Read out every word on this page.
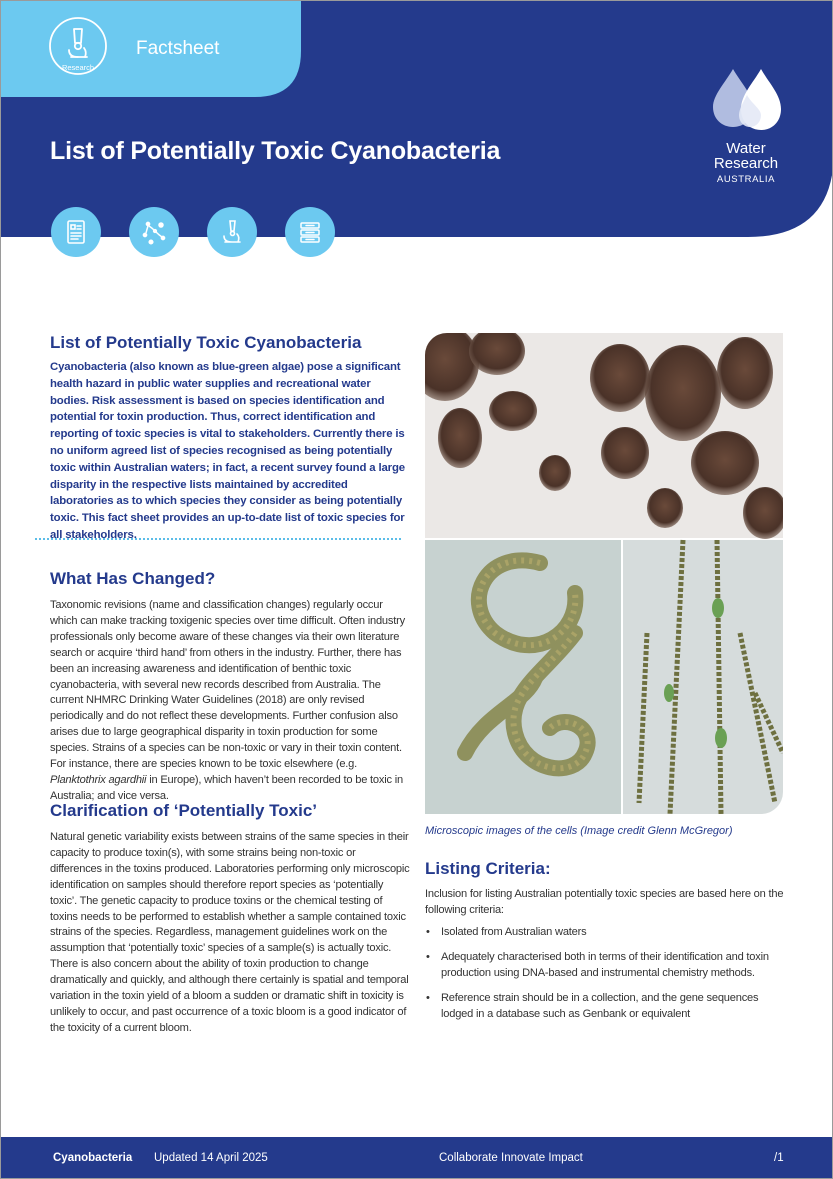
Research
Factsheet
List of Potentially Toxic Cyanobacteria	Water
Research
AUSTRALIA
List of Potentially Toxic Cyanobacteria

Cyanobacteria (also known as blue-green algae) pose a significant health hazard in public water supplies and recreational water bodies. Risk assessment is based on species identification and potential for toxin production. Thus, correct identification and reporting of toxic species is vital to stakeholders. Currently there is no uniform agreed list of species recognised as being potentially toxic within Australian waters; in fact, a recent survey found a large disparity in the respective lists maintained by accredited laboratories as to which species they consider as being potentially toxic. This fact sheet provides an up-to-date list of toxic species for all stakeholders.

What Has Changed?

Taxonomic revisions (name and classification changes) regularly occur which can make tracking toxigenic species over time difficult. Often industry professionals only become aware of these changes via their own literature search or acquire ‘third hand’ from others in the industry. Further, there has been an increasing awareness and identification of benthic toxic cyanobacteria, with several new records described from Australia. The current NHMRC Drinking Water Guidelines (2018) are only revised periodically and do not reflect these developments. Further confusion also arises due to large geographical disparity in toxin production for some species. Strains of a species can be non-toxic or vary in their toxin content. For instance, there are species known to be toxic elsewhere (e.g. Planktothrix agardhii in Europe), which haven’t been recorded to be toxic in Australia; and vice versa.

Clarification of ‘Potentially Toxic’

Natural genetic variability exists between strains of the same species in their capacity to produce toxin(s), with some strains being non-toxic or differences in the toxins produced. Laboratories performing only microscopic identification on samples should therefore report species as ‘potentially toxic’. The genetic capacity to produce toxins or the chemical testing of toxins needs to be performed to establish whether a sample contained toxic strains of the species. Regardless, management guidelines work on the assumption that ‘potentially toxic’ species of a sample(s) is actually toxic. There is also concern about the ability of toxin production to change dramatically and quickly, and although there certainly is spatial and temporal variation in the toxin yield of a bloom a sudden or dramatic shift in toxicity is unlikely to occur, and past occurrence of a toxic bloom is a good indicator of the toxicity of a current bloom.

Microscopic images of the cells (Image credit Glenn McGregor)
Listing Criteria:

Inclusion for listing Australian potentially toxic species are based here on the following criteria:

• Isolated from Australian waters
• Adequately characterised both in terms of their identification and toxin production using DNA-based and instrumental chemistry methods.
• Reference strain should be in a collection, and the gene sequences lodged in a database such as Genbank or equivalent
Cyanobacteria Updated 14 April 2025	Collaborate Innovate Impact	/1
